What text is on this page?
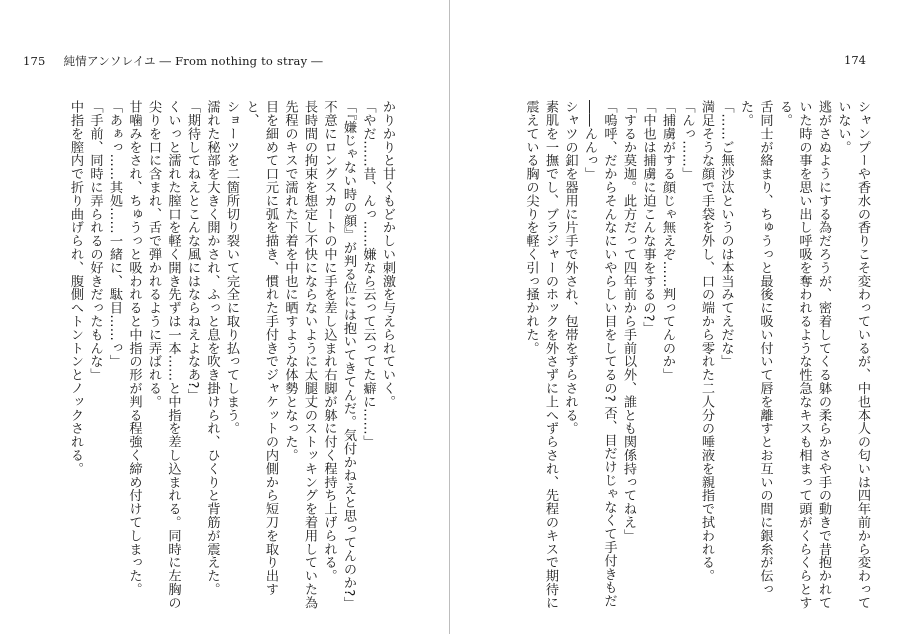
175 純情アンソレイユ ― From nothing to stray ―

かりかりと甘くもどかしい刺激を与えられていく。

「やだ……昔、んっ……嫌なら云って云ってた癖に……」

「『嫌じゃない時の顔』が判る位には抱いてきてんだ。気付かねえと思ってんのか?」

不意にロングスカートの中に手を差し込まれ右脚が躰に付く程持ち上げられる。

長時間の拘束を想定し不快にならないように太腿丈のストッキングを着用していた為

先程のキスで濡れた下着を中也に晒すような体勢となった。

目を細めて口元に弧を描き、慣れた手付きでジャケットの内側から短刀を取り出すと、

ショーツを二箇所切り裂いて完全に取り払ってしまう。

濡れた秘部を大きく開かされ、ふっと息を吹き掛けられ、ひくりと背筋が震えた。

「期待してねえとこんな風にはならねえよなあ?」

くいっと濡れた膣口を軽く開き先ずは一本……と中指を差し込まれる。同時に左胸の

尖りを口に含まれ、舌で弾かれるように弄ばれる。

甘噛みをされ、ちゅうっと吸われると中指の形が判る程強く締め付けてしまった。

「あぁっ……其処……一緒に、駄目……っ」

「手前、同時に弄られるの好きだったもんな」

中指を膣内で折り曲げられ、腹側へトントンとノックされる。

174

シャンプーや香水の香りこそ変わっているが、中也本人の匂いは四年前から変わって

いない。

逃がさぬようにする為だろうが、密着してくる躰の柔らかさや手の動きで昔抱かれて

いた時の事を思い出し呼吸を奪われるような性急なキスも相まって頭がくらくらとする。

舌同士が絡まり、ちゅうっと最後に吸い付いて唇を離すとお互いの間に銀糸が伝った。

「……ご無沙汰というのは本当みてえだな」

満足そうな顔で手袋を外し、口の端から零れた二人分の唾液を親指で拭われる。

「んっ……」

「捕虜がする顔じゃ無えぞ……判ってんのか」

「中也は捕虜に迫こんな事をするの?」

「するか莫迦。此方だって四年前から手前以外、誰とも関係持ってねえ」

「嗚呼、だからそんなにいやらしい目をしてるの? 否、目だけじゃなくて手付きもだ

――んんっ」

シャツの釦を器用に片手で外され、包帯をずらされる。

素肌を一撫でし、ブラジャーのホックを外さずに上へずらされ、先程のキスで期待に

震えている胸の尖りを軽く引っ掻かれた。
